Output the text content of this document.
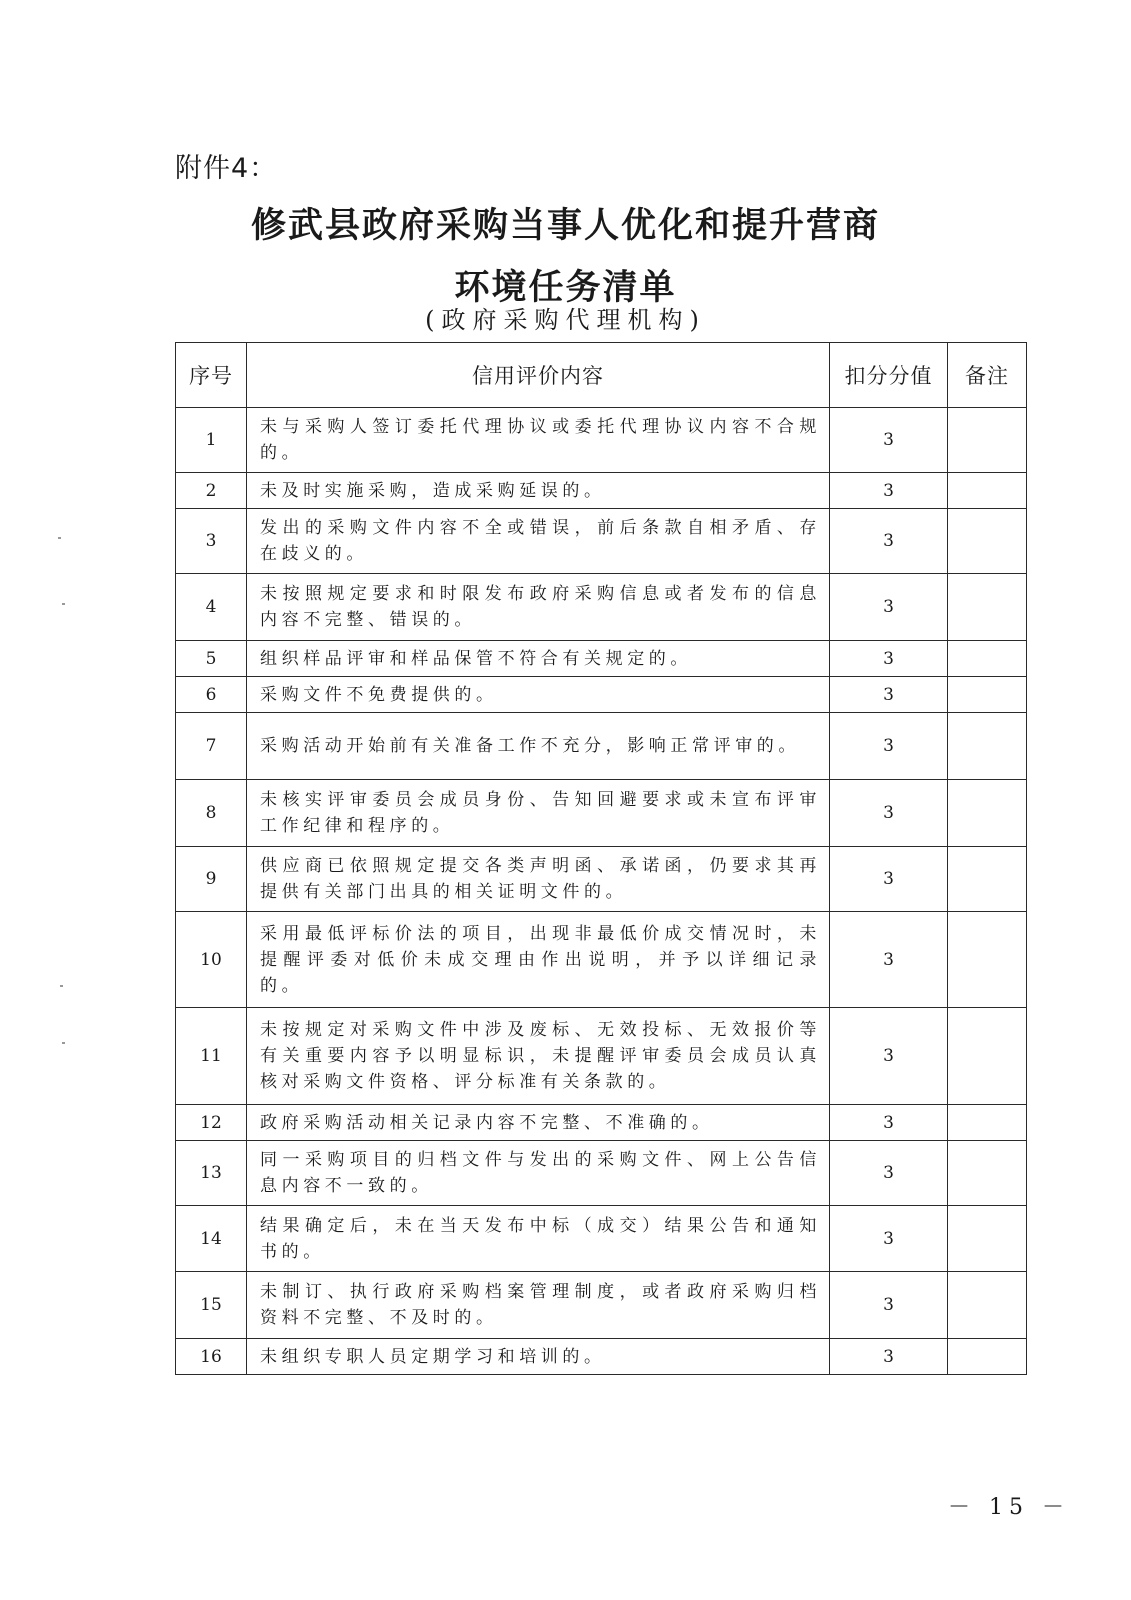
附件4：
修武县政府采购当事人优化和提升营商
环境任务清单
(政府采购代理机构)
序号	信用评价内容	扣分分值	备注
1	未与采购人签订委托代理协议或委托代理协议内容不合规的。	3	
2	未及时实施采购，造成采购延误的。	3	
3	发出的采购文件内容不全或错误，前后条款自相矛盾、存在歧义的。	3	
4	未按照规定要求和时限发布政府采购信息或者发布的信息内容不完整、错误的。	3	
5	组织样品评审和样品保管不符合有关规定的。	3	
6	采购文件不免费提供的。	3	
7	采购活动开始前有关准备工作不充分，影响正常评审的。	3	
8	未核实评审委员会成员身份、告知回避要求或未宣布评审工作纪律和程序的。	3	
9	供应商已依照规定提交各类声明函、承诺函，仍要求其再提供有关部门出具的相关证明文件的。	3	
10	采用最低评标价法的项目，出现非最低价成交情况时，未提醒评委对低价未成交理由作出说明，并予以详细记录的。	3	
11	未按规定对采购文件中涉及废标、无效投标、无效报价等有关重要内容予以明显标识，未提醒评审委员会成员认真核对采购文件资格、评分标准有关条款的。	3	
12	政府采购活动相关记录内容不完整、不准确的。	3	
13	同一采购项目的归档文件与发出的采购文件、网上公告信息内容不一致的。	3	
14	结果确定后，未在当天发布中标（成交）结果公告和通知书的。	3	
15	未制订、执行政府采购档案管理制度，或者政府采购归档资料不完整、不及时的。	3	
16	未组织专职人员定期学习和培训的。	3	
－ 15 －
